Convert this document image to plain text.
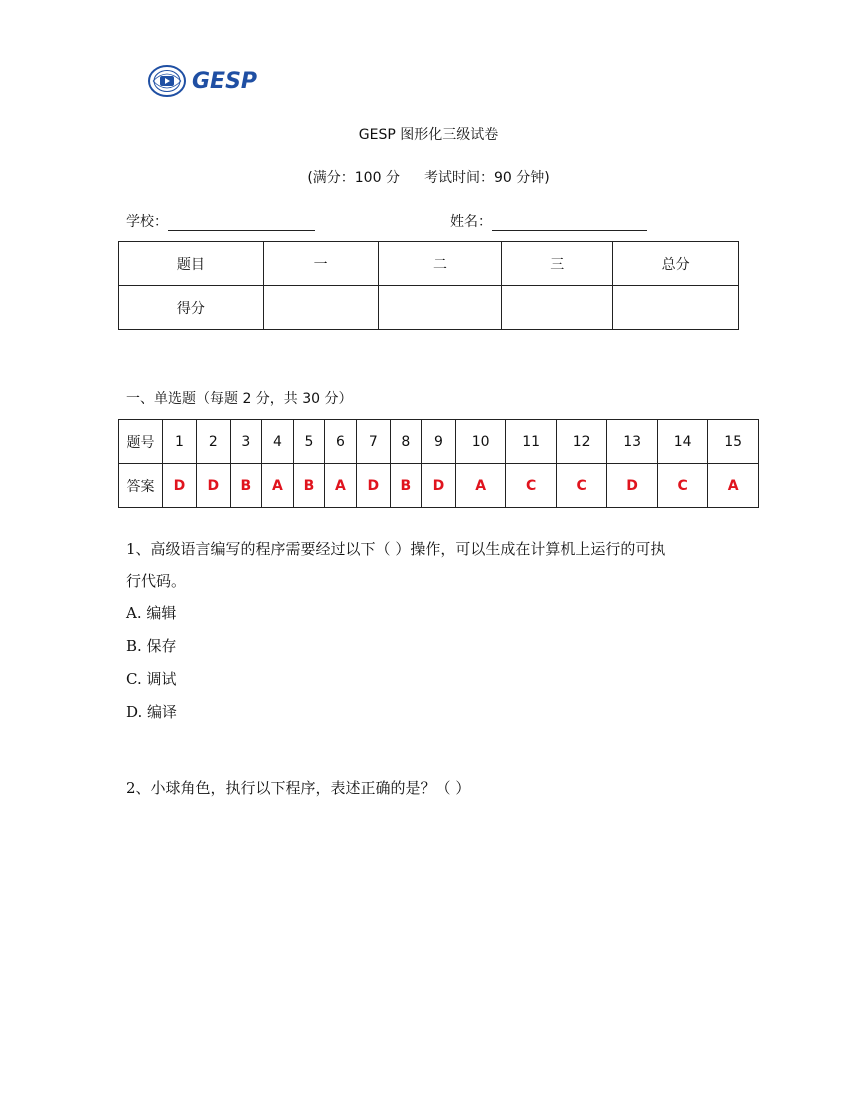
GESP
GESP 图形化三级试卷
(满分：100 分 考试时间：90 分钟)
学校：	姓名：
题目	一	二	三	总分
得分				
一、单选题（每题 2 分，共 30 分）
题号	1	2	3	4	5	6	7	8	9	10	11	12	13	14	15
答案	D	D	B	A	B	A	D	B	D	A	C	C	D	C	A
1、高级语言编写的程序需要经过以下（ ）操作，可以生成在计算机上运行的可执
行代码。
A. 编辑
B. 保存
C. 调试
D. 编译
2、小球角色，执行以下程序，表述正确的是？（ ）
